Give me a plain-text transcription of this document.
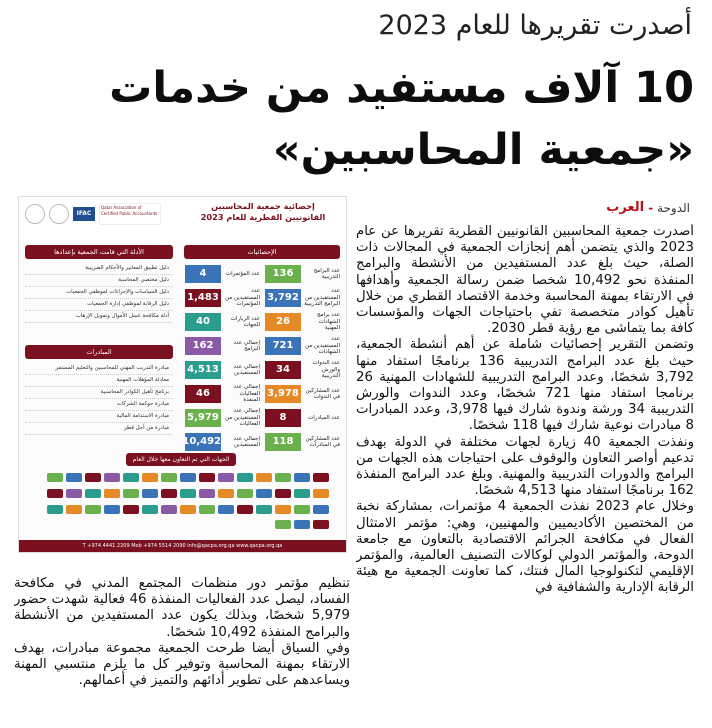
أصدرت تقريرها للعام 2023
10 آلاف مستفيد من خدمات
«جمعية المحاسبين»
الدوحة
-
العرب

أصدرت جمعية المحاسبين القانونيين القطرية تقريرها عن عام 2023 والذي يتضمن أهم إنجازات الجمعية في المجالات ذات الصلة، حيث بلغ عدد المستفيدين من الأنشطة والبرامج المنفذة نحو 10,492 شخصا ضمن رسالة الجمعية وأهدافها في الارتقاء بمهنة المحاسبة وخدمة الاقتصاد القطري من خلال تأهيل كوادر متخصصة تفي باحتياجات الجهات والمؤسسات كافة بما يتماشى مع رؤية قطر 2030.

وتضمن التقرير إحصائيات شاملة عن أهم أنشطة الجمعية، حيث بلغ عدد البرامج التدريبية 136 برنامجًا استفاد منها 3,792 شخصًا، وعدد البرامج التدريبية للشهادات المهنية 26 برنامجا استفاد منها 721 شخصًا، وعدد الندوات والورش التدريبية 34 ورشة وندوة شارك فيها 3,978، وعدد المبادرات 8 مبادرات نوعية شارك فيها 118 شخصًا.

ونفذت الجمعية 40 زيارة لجهات مختلفة في الدولة بهدف تدعيم أواصر التعاون والوقوف على احتياجات هذه الجهات من البرامج والدورات التدريبية والمهنية. وبلغ عدد البرامج المنفذة 162 برنامجًا استفاد منها 4,513 شخصًا.

وخلال عام 2023 نفذت الجمعية 4 مؤتمرات، بمشاركة نخبة من المختصين الأكاديميين والمهنيين، وهي: مؤتمر الامتثال الفعال في مكافحة الجرائم الاقتصادية بالتعاون مع جامعة الدوحة، والمؤتمر الدولي لوكالات التصنيف العالمية، والمؤتمر الإقليمي لتكنولوجيا المال فنتك، كما تعاونت الجمعية مع هيئة الرقابة الإدارية والشفافية في

تنظيم مؤتمر دور منظمات المجتمع المدني في مكافحة الفساد، ليصل عدد الفعاليات المنفذة 46 فعالية شهدت حضور 5,979 شخصًا، وبذلك يكون عدد المستفيدين من الأنشطة والبرامج المنفذة 10,492 شخصًا.

وفي السياق أيضا طرحت الجمعية مجموعة مبادرات، بهدف الارتقاء بمهنة المحاسبة وتوفير كل ما يلزم منتسبي المهنة ويساعدهم على تطوير أدائهم والتميز في أعمالهم.

إحصائية جمعية المحاسبين
القانونيين القطرية للعام 2023
IFAC
Qatar Association of Certified Public Accountants
الإحصائيات
الأدلة التي قامت الجمعية بإعدادها
عدد البرامج التدريبية
136
عدد المستفيدين من البرامج التدريبية
3,792
عدد برامج الشهادات المهنية
26
عدد المستفيدين من الشهادات
721
عدد الندوات والورش التدريبية
34
عدد المشاركين في الندوات
3,978
عدد المبادرات
8
عدد المشاركين في المبادرات
118
عدد المؤتمرات
4
عدد المستفيدين من المؤتمرات
1,483
عدد الزيارات للجهات
40
إجمالي عدد البرامج
162
إجمالي عدد المستفيدين
4,513
إجمالي عدد الفعاليات المنفذة
46
إجمالي عدد المستفيدين من الفعاليات
5,979
إجمالي عدد المستفيدين
10,492
دليل تطبيق المعايير والأحكام الضريبية
دليل مختصي المحاسبة
دليل السياسات والإجراءات لموظفي الجمعيات
دليل الرقابة لموظفي إدارة الجمعيات
أدلة مكافحة غسل الأموال وتمويل الإرهاب
المبادرات
مبادرة التدريب المهني للمحاسبين والتعليم المستمر
معادلة المؤهلات المهنية
برنامج تأهيل الكوادر المحاسبية
مبادرة حوكمة الشركات
مبادرة الاستدامة المالية
مبادرة من أجل قطر
الجهات التي تم التعاون معها خلال العام
T +974 4441 2209 Mob +974 5514 2090 info@qacpa.org.qa www.qacpa.org.qa
